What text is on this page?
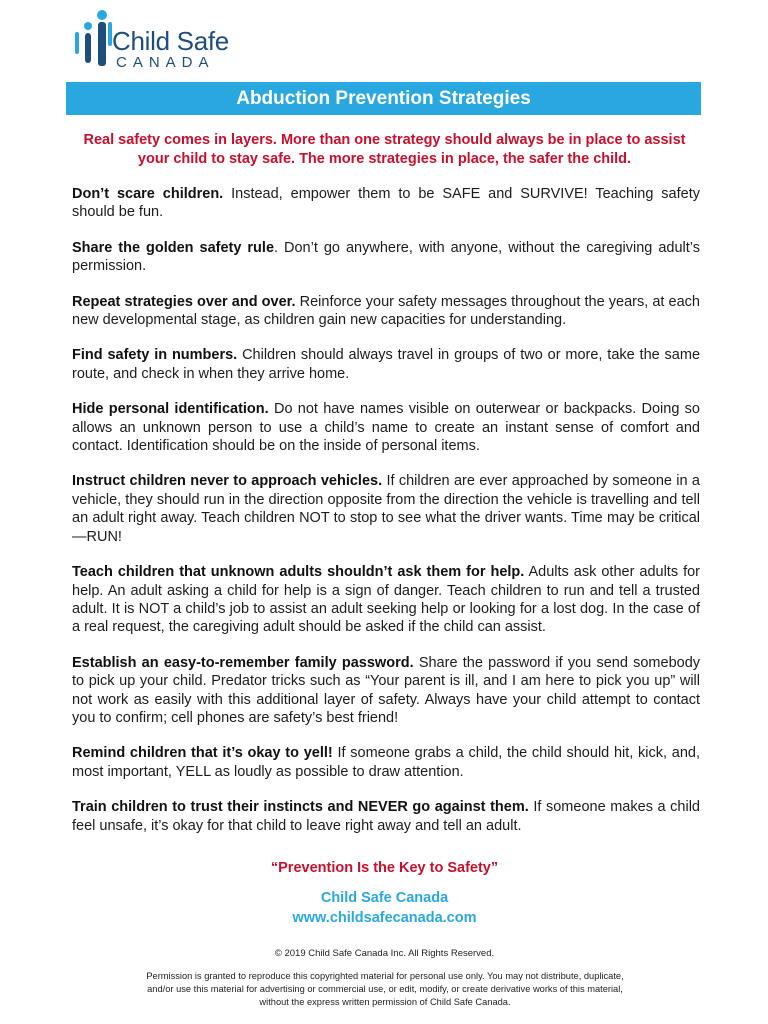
Child Safe
CANADA
Abduction Prevention Strategies
Real safety comes in layers. More than one strategy should always be in place to assist your child to stay safe. The more strategies in place, the safer the child.

Don’t scare children. Instead, empower them to be SAFE and SURVIVE! Teaching safety should be fun.

Share the golden safety rule. Don’t go anywhere, with anyone, without the caregiving adult’s permission.

Repeat strategies over and over. Reinforce your safety messages throughout the years, at each new developmental stage, as children gain new capacities for understanding.

Find safety in numbers. Children should always travel in groups of two or more, take the same route, and check in when they arrive home.

Hide personal identification. Do not have names visible on outerwear or backpacks. Doing so allows an unknown person to use a child’s name to create an instant sense of comfort and contact. Identification should be on the inside of personal items.

Instruct children never to approach vehicles. If children are ever approached by someone in a vehicle, they should run in the direction opposite from the direction the vehicle is travelling and tell an adult right away. Teach children NOT to stop to see what the driver wants. Time may be critical—RUN!

Teach children that unknown adults shouldn’t ask them for help. Adults ask other adults for help. An adult asking a child for help is a sign of danger. Teach children to run and tell a trusted adult. It is NOT a child’s job to assist an adult seeking help or looking for a lost dog. In the case of a real request, the caregiving adult should be asked if the child can assist.

Establish an easy-to-remember family password. Share the password if you send somebody to pick up your child. Predator tricks such as “Your parent is ill, and I am here to pick you up” will not work as easily with this additional layer of safety. Always have your child attempt to contact you to confirm; cell phones are safety’s best friend!

Remind children that it’s okay to yell! If someone grabs a child, the child should hit, kick, and, most important, YELL as loudly as possible to draw attention.

Train children to trust their instincts and NEVER go against them. If someone makes a child feel unsafe, it’s okay for that child to leave right away and tell an adult.

“Prevention Is the Key to Safety”
Child Safe Canada
www.childsafecanada.com
© 2019 Child Safe Canada Inc. All Rights Reserved.
Permission is granted to reproduce this copyrighted material for personal use only. You may not distribute, duplicate, and/or use this material for advertising or commercial use, or edit, modify, or create derivative works of this material, without the express written permission of Child Safe Canada.
